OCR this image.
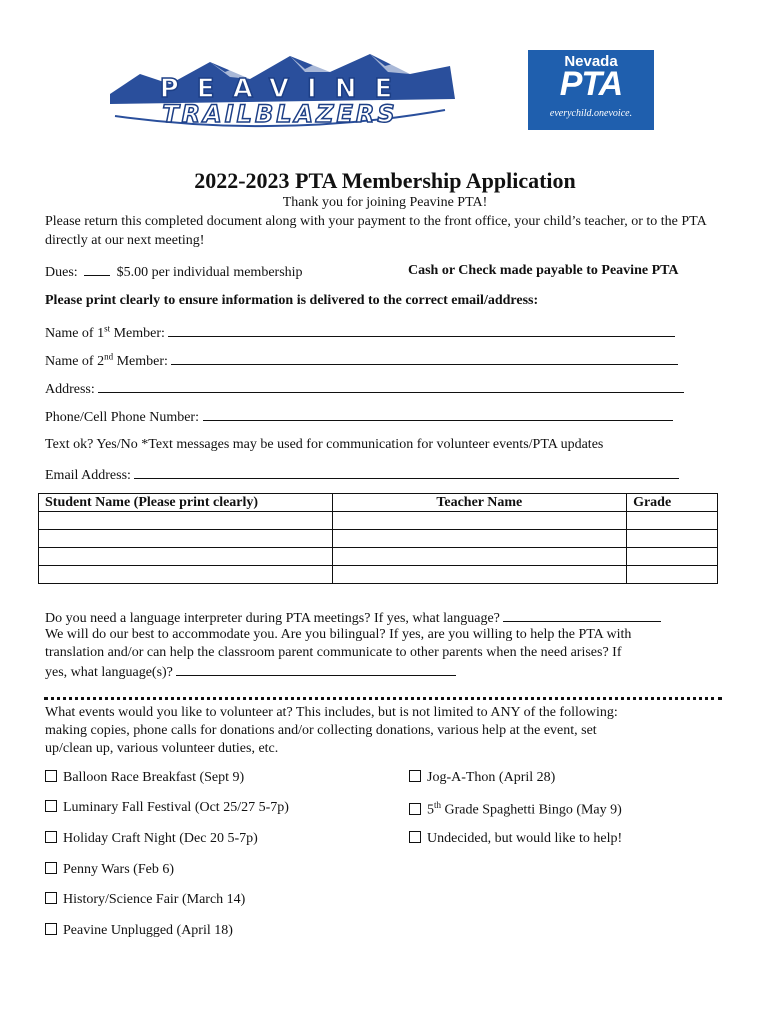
PEAVINE
TRAILBLAZERS
Nevada
PTA
everychild.onevoice.
2022-2023 PTA Membership Application
Thank you for joining Peavine PTA!
Please return this completed document along with your payment to the front office, your child’s teacher, or to the PTA directly at our next meeting!
Dues:	$5.00 per individual membership	Cash or Check made payable to Peavine PTA
Please print clearly to ensure information is delivered to the correct email/address:
Name of 1st Member:
Name of 2nd Member:
Address:
Phone/Cell Phone Number:
Text ok? Yes/No *Text messages may be used for communication for volunteer events/PTA updates
Email Address:
Student Name (Please print clearly)	Teacher Name	Grade

Do you need a language interpreter during PTA meetings? If yes, what language?
We will do our best to accommodate you. Are you bilingual? If yes, are you willing to help the PTA with
translation and/or can help the classroom parent communicate to other parents when the need arises? If
yes, what language(s)?
What events would you like to volunteer at? This includes, but is not limited to ANY of the following:
making copies, phone calls for donations and/or collecting donations, various help at the event, set
up/clean up, various volunteer duties, etc.
Balloon Race Breakfast (Sept 9)
Luminary Fall Festival (Oct 25/27 5-7p)
Holiday Craft Night (Dec 20 5-7p)
Penny Wars (Feb 6)
History/Science Fair (March 14)
Peavine Unplugged (April 18)
Jog-A-Thon (April 28)
5th Grade Spaghetti Bingo (May 9)
Undecided, but would like to help!
